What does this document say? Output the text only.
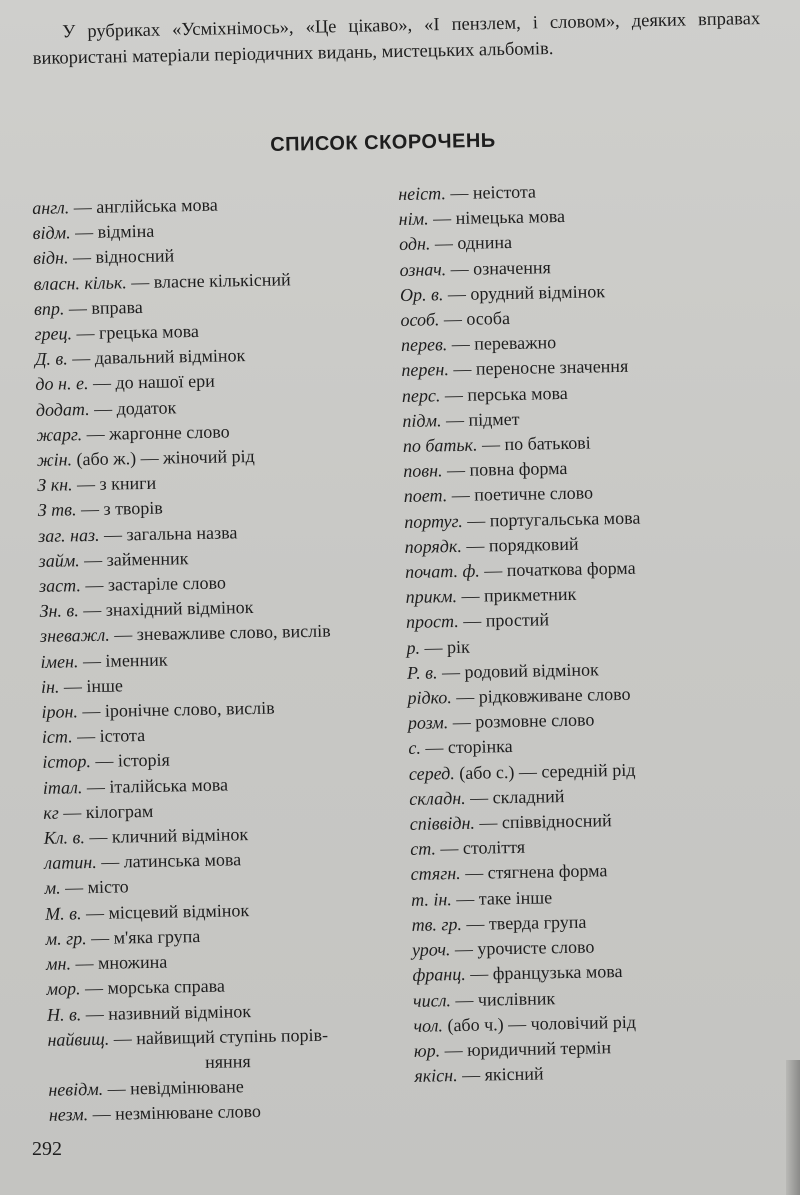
У рубриках «Усміхнімось», «Це цікаво», «І пензлем, і словом», деяких вправах використані матеріали періодичних видань, мистецьких альбомів.
СПИСОК СКОРОЧЕНЬ
англ. — англійська мова
відм. — відміна
відн. — відносний
власн. кільк. — власне кількісний
впр. — вправа
грец. — грецька мова
Д. в. — давальний відмінок
до н. е. — до нашої ери
додат. — додаток
жарг. — жаргонне слово
жін. (або ж.) — жіночий рід
З кн. — з книги
З тв. — з творів
заг. наз. — загальна назва
займ. — займенник
заст. — застаріле слово
Зн. в. — знахідний відмінок
зневажл. — зневажливе слово, вислів
імен. — іменник
ін. — інше
ірон. — іронічне слово, вислів
іст. — істота
істор. — історія
італ. — італійська мова
кг — кілограм
Кл. в. — кличний відмінок
латин. — латинська мова
м. — місто
М. в. — місцевий відмінок
м. гр. — м'яка група
мн. — множина
мор. — морська справа
Н. в. — називний відмінок
найвищ. — найвищий ступінь порів-
няння
невідм. — невідмінюване
незм. — незмінюване слово
неіст. — неістота
нім. — німецька мова
одн. — однина
означ. — означення
Ор. в. — орудний відмінок
особ. — особа
перев. — переважно
перен. — переносне значення
перс. — перська мова
підм. — підмет
по батьк. — по батькові
повн. — повна форма
поет. — поетичне слово
португ. — португальська мова
порядк. — порядковий
почат. ф. — початкова форма
прикм. — прикметник
прост. — простий
р. — рік
Р. в. — родовий відмінок
рідко. — рідковживане слово
розм. — розмовне слово
с. — сторінка
серед. (або с.) — середній рід
складн. — складний
співвідн. — співвідносний
ст. — століття
стягн. — стягнена форма
т. ін. — таке інше
тв. гр. — тверда група
уроч. — урочисте слово
франц. — французька мова
числ. — числівник
чол. (або ч.) — чоловічий рід
юр. — юридичний термін
якісн. — якісний
292
